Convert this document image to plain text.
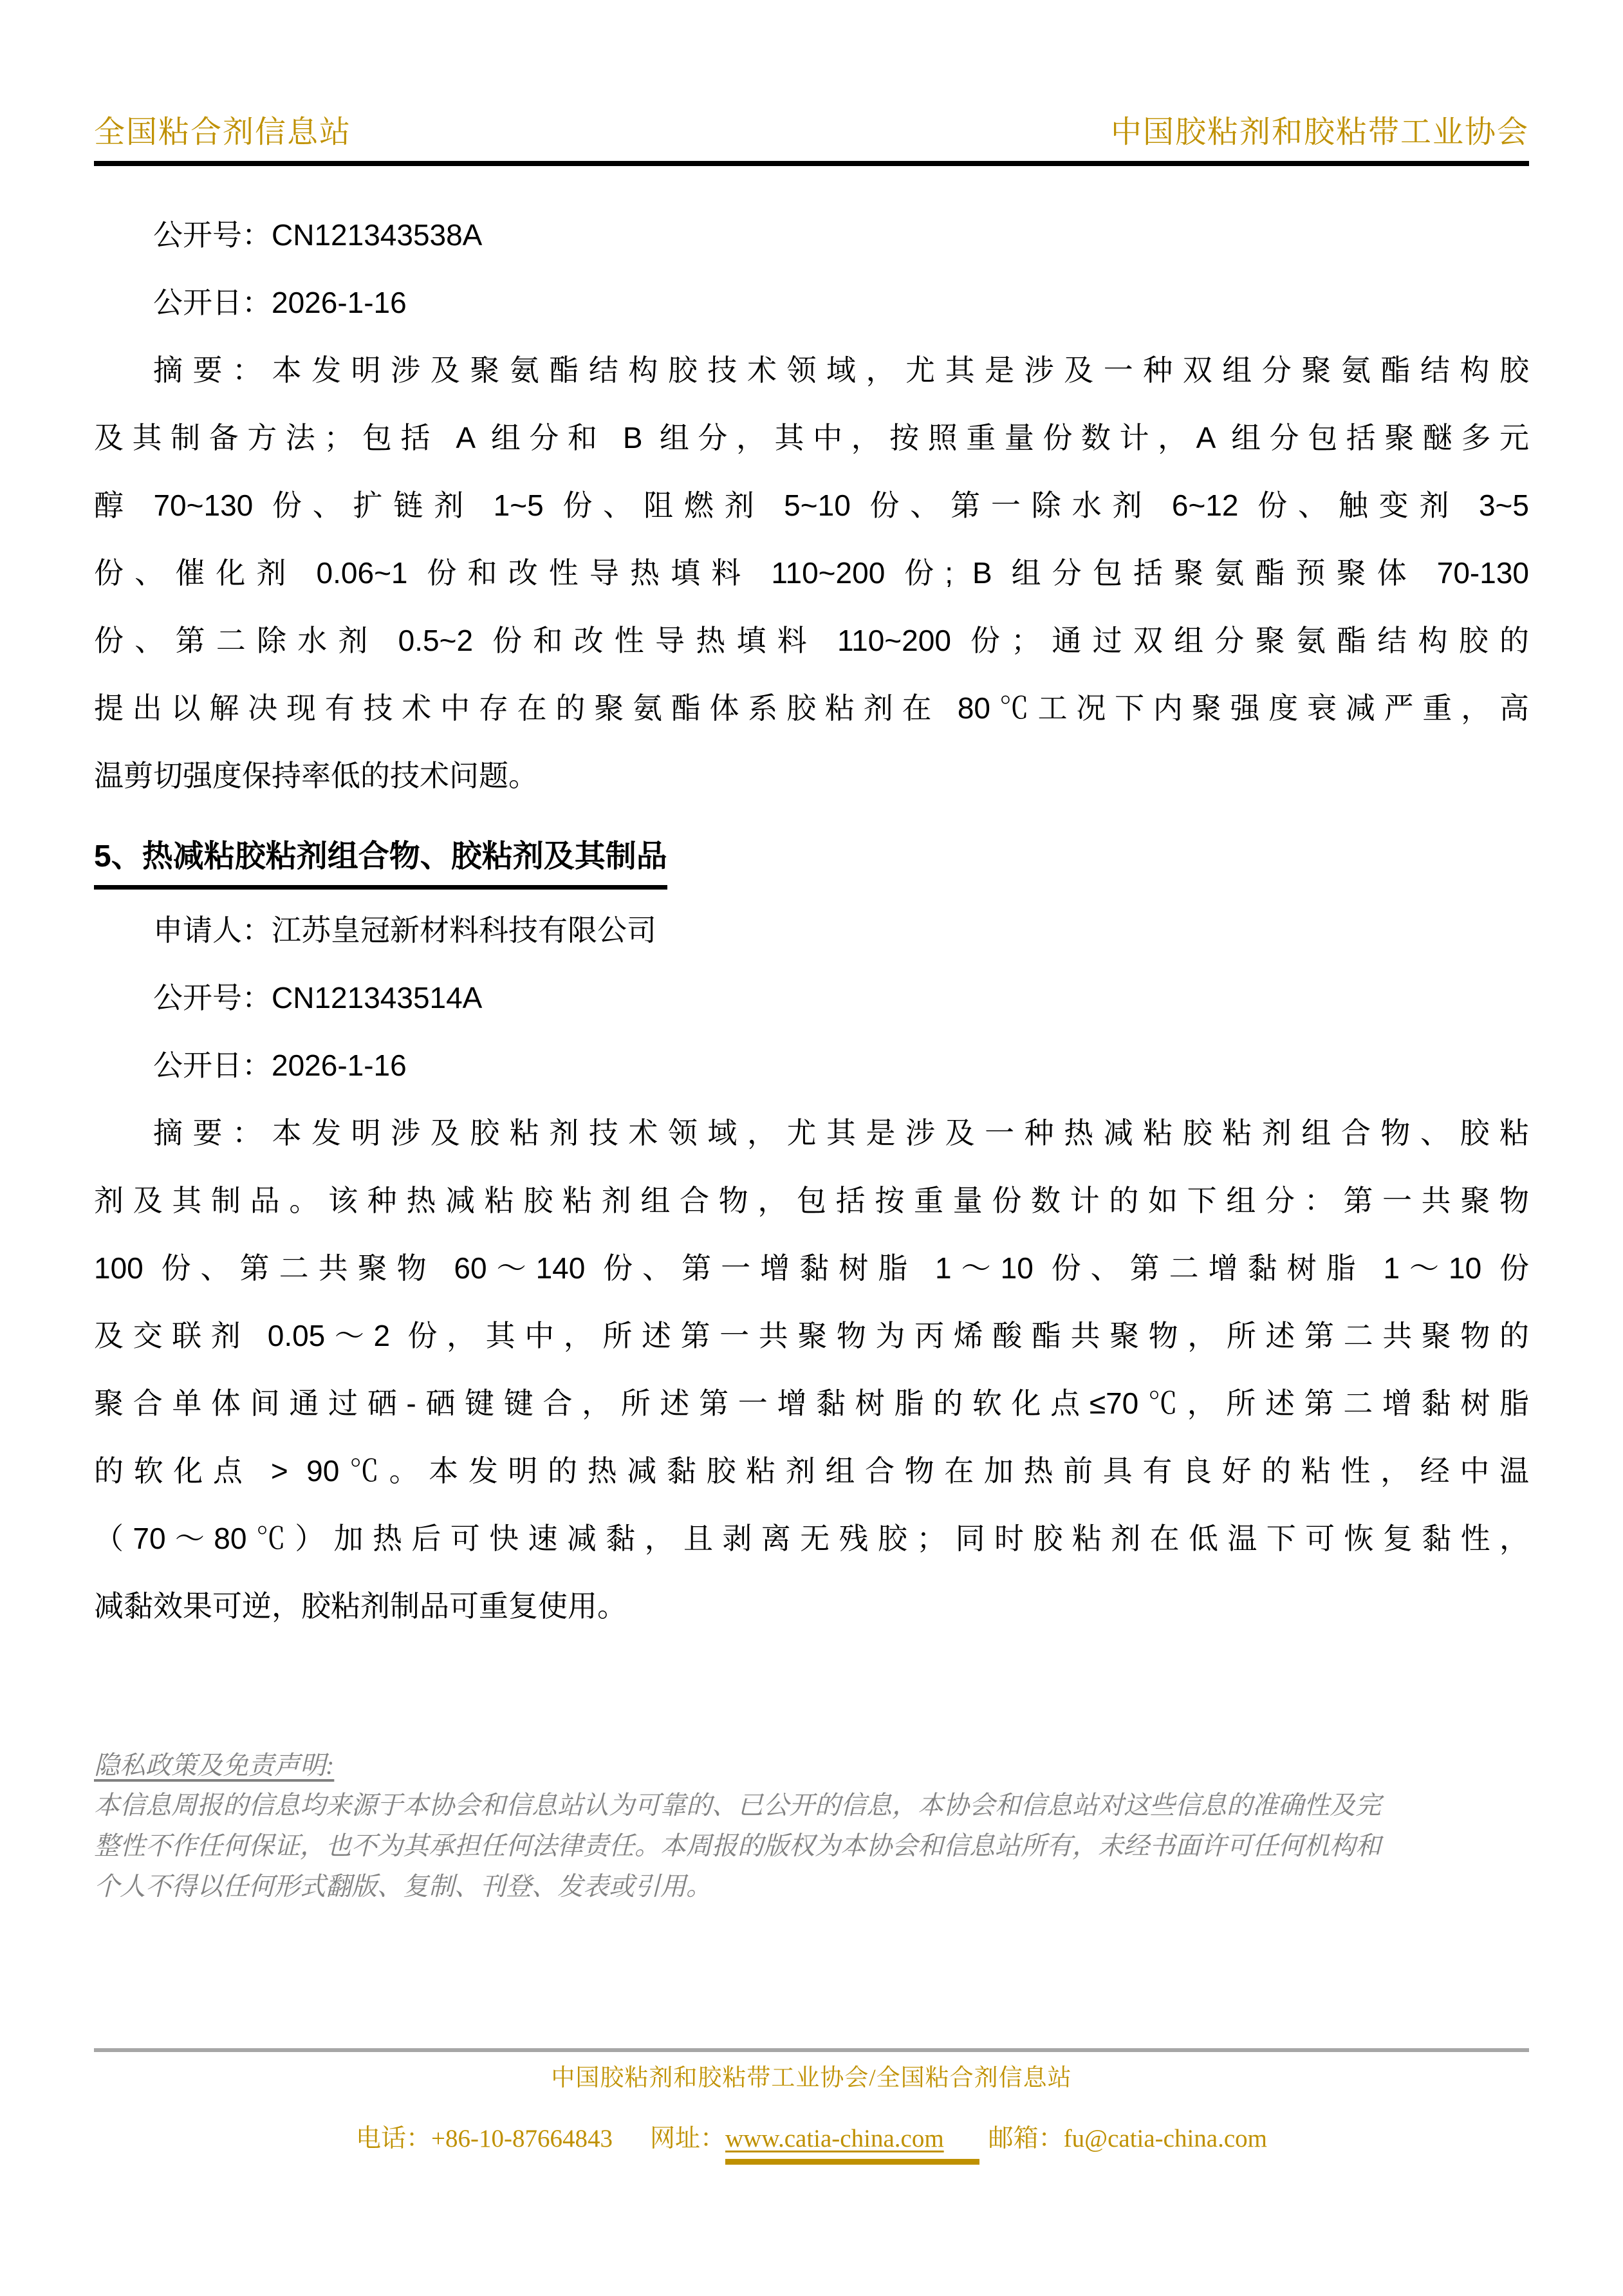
全国粘合剂信息站	中国胶粘剂和胶粘带工业协会
公开号：CN121343538A
公开日：2026-1-16
摘要：本发明涉及聚氨酯结构胶技术领域，尤其是涉及一种双组分聚氨酯结构胶
及其制备方法；包括 A 组分和 B 组分，其中，按照重量份数计，A 组分包括聚醚多元
醇 70~130 份、扩链剂 1~5 份、阻燃剂 5~10 份、第一除水剂 6~12 份、触变剂 3~5
份、催化剂 0.06~1 份和改性导热填料 110~200 份; B 组分包括聚氨酯预聚体 70-130
份、第二除水剂 0.5~2 份和改性导热填料 110~200 份；通过双组分聚氨酯结构胶的
提出以解决现有技术中存在的聚氨酯体系胶粘剂在 80℃工况下内聚强度衰减严重，高
温剪切强度保持率低的技术问题。
5、热减粘胶粘剂组合物、胶粘剂及其制品
申请人：江苏皇冠新材料科技有限公司
公开号：CN121343514A
公开日：2026-1-16
摘要：本发明涉及胶粘剂技术领域，尤其是涉及一种热减粘胶粘剂组合物、胶粘
剂及其制品。该种热减粘胶粘剂组合物，包括按重量份数计的如下组分：第一共聚物
100 份、第二共聚物 60～140 份、第一增黏树脂 1～10 份、第二增黏树脂 1～10 份
及交联剂 0.05～2 份，其中，所述第一共聚物为丙烯酸酯共聚物，所述第二共聚物的
聚合单体间通过硒-硒键键合，所述第一增黏树脂的软化点≤70℃，所述第二增黏树脂
的软化点 > 90℃。本发明的热减黏胶粘剂组合物在加热前具有良好的粘性，经中温
（70～80℃）加热后可快速减黏，且剥离无残胶；同时胶粘剂在低温下可恢复黏性，
减黏效果可逆，胶粘剂制品可重复使用。
隐私政策及免责声明:
本信息周报的信息均来源于本协会和信息站认为可靠的、已公开的信息，本协会和信息站对这些信息的准确性及完
整性不作任何保证，也不为其承担任何法律责任。本周报的版权为本协会和信息站所有，未经书面许可任何机构和
个人不得以任何形式翻版、复制、刊登、发表或引用。
中国胶粘剂和胶粘带工业协会/全国粘合剂信息站
电话：+86-10-87664843 网址：www.catia-china.com 邮箱：fu@catia-china.com
